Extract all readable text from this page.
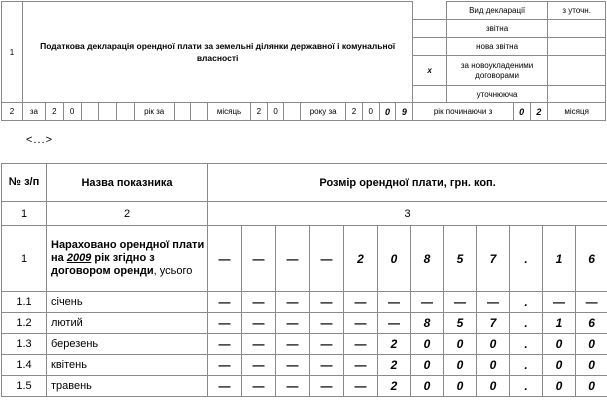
1	Податкова декларація орендної плати за земельні ділянки державної і комунальної власності																			Вид декларації			з уточн.
																				звітна			
																				нова звітна			
																			x	за новоукладеними договорами			
																				уточнююча			
2	за	2	0				рік за			місяць	2	0		року за	2	0	0	9	рік починаючи з		0	2	місяця
<...>
№ з/п	Назва показника	Розмір орендної плати, грн. коп.											
1	2	3											
1	Нараховано орендної плати на 2009 рік згідно з договором оренди, усього	—	—	—	—	2	0	8	5	7	.	1	6
1.1	січень	—	—	—	—	—	—	—	—	—	.	—	—
1.2	лютий	—	—	—	—	—	—	8	5	7	.	1	6
1.3	березень	—	—	—	—	—	2	0	0	0	.	0	0
1.4	квітень	—	—	—	—	—	2	0	0	0	.	0	0
1.5	травень	—	—	—	—	—	2	0	0	0	.	0	0
